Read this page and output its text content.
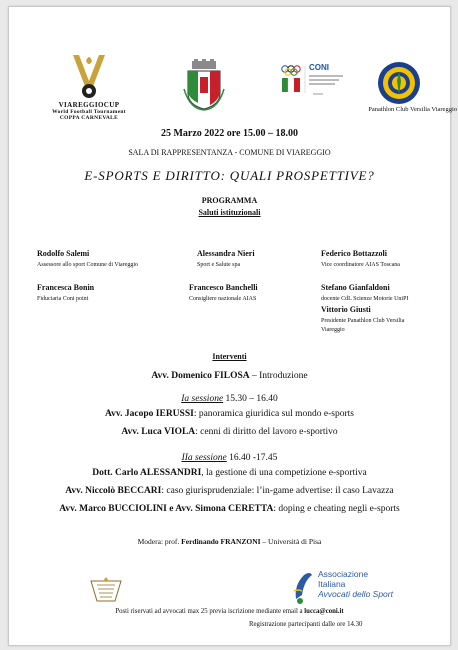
VIAREGGIOCUP
World Football Tournament
COPPA CARNEVALE
CONI
Panathlon Club Versilia Viareggio
25 Marzo 2022 ore 15.00 – 18.00
SALA DI RAPPRESENTANZA - COMUNE DI VIAREGGIO
E-SPORTS E DIRITTO: QUALI PROSPETTIVE?
PROGRAMMA
Saluti istituzionali
Rodolfo Salemi
Assessore allo sport Comune di Viareggio
Francesca Bonin
Fiduciaria Coni point
Alessandra Nieri
Sport e Salute spa
Francesco Banchelli
Consigliere nazionale AIAS
Federico Bottazzoli
Vice coordinatore AIAS Toscana
Stefano Gianfaldoni
docente CdL Scienze Motorie UniPI
Vittorio Giusti
Presidente Panathlon Club Versilia
Viareggio
Interventi
Avv. Domenico FILOSA – Introduzione
Ia sessione 15.30 – 16.40
Avv. Jacopo IERUSSI: panoramica giuridica sul mondo e-sports
Avv. Luca VIOLA: cenni di diritto del lavoro e-sportivo
IIa sessione 16.40 -17.45
Dott. Carlo ALESSANDRI, la gestione di una competizione e-sportiva
Avv. Niccolò BECCARI: caso giurisprudenziale: l’in-game advertise: il caso Lavazza
Avv. Marco BUCCIOLINI e Avv. Simona CERETTA: doping e cheating negli e-sports
Modera: prof. Ferdinando FRANZONI – Università di Pisa
Associazione
Italiana
Avvocati dello Sport
Posti riservati ad avvocati max 25 previa iscrizione mediante email a lucca@coni.it
Registrazione partecipanti dalle ore 14.30
